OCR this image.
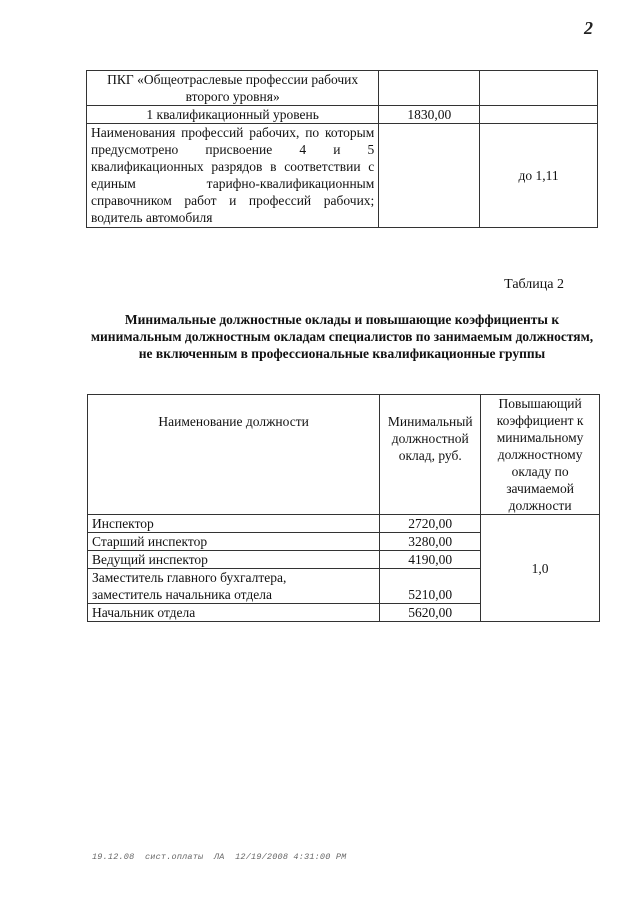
2
ПКГ «Общеотраслевые профессии рабочих второго уровня»		
1 квалификационный уровень	1830,00	
Наименования профессий рабочих, по которым предусмотрено присвоение 4 и 5 квалификационных разрядов в соответствии с единым тарифно-квалификационным справочником работ и профессий рабочих; водитель автомобиля		до 1,11
Таблица 2
Минимальные должностные оклады и повышающие коэффициенты к минимальным должностным окладам специалистов по занимаемым должностям, не включенным в профессиональные квалификационные группы
Наименование должности	Минимальный должностной оклад, руб.	Повышающий коэффициент к минимальному должностному окладу по зачимаемой должности
Инспектор	2720,00	1,0
Старший инспектор	3280,00	
Ведущий инспектор	4190,00	
Заместитель главного бухгалтера, заместитель начальника отдела	5210,00	
Начальник отдела	5620,00	
19.12.08  сист.оплаты  ЛА  12/19/2008 4:31:00 PM
